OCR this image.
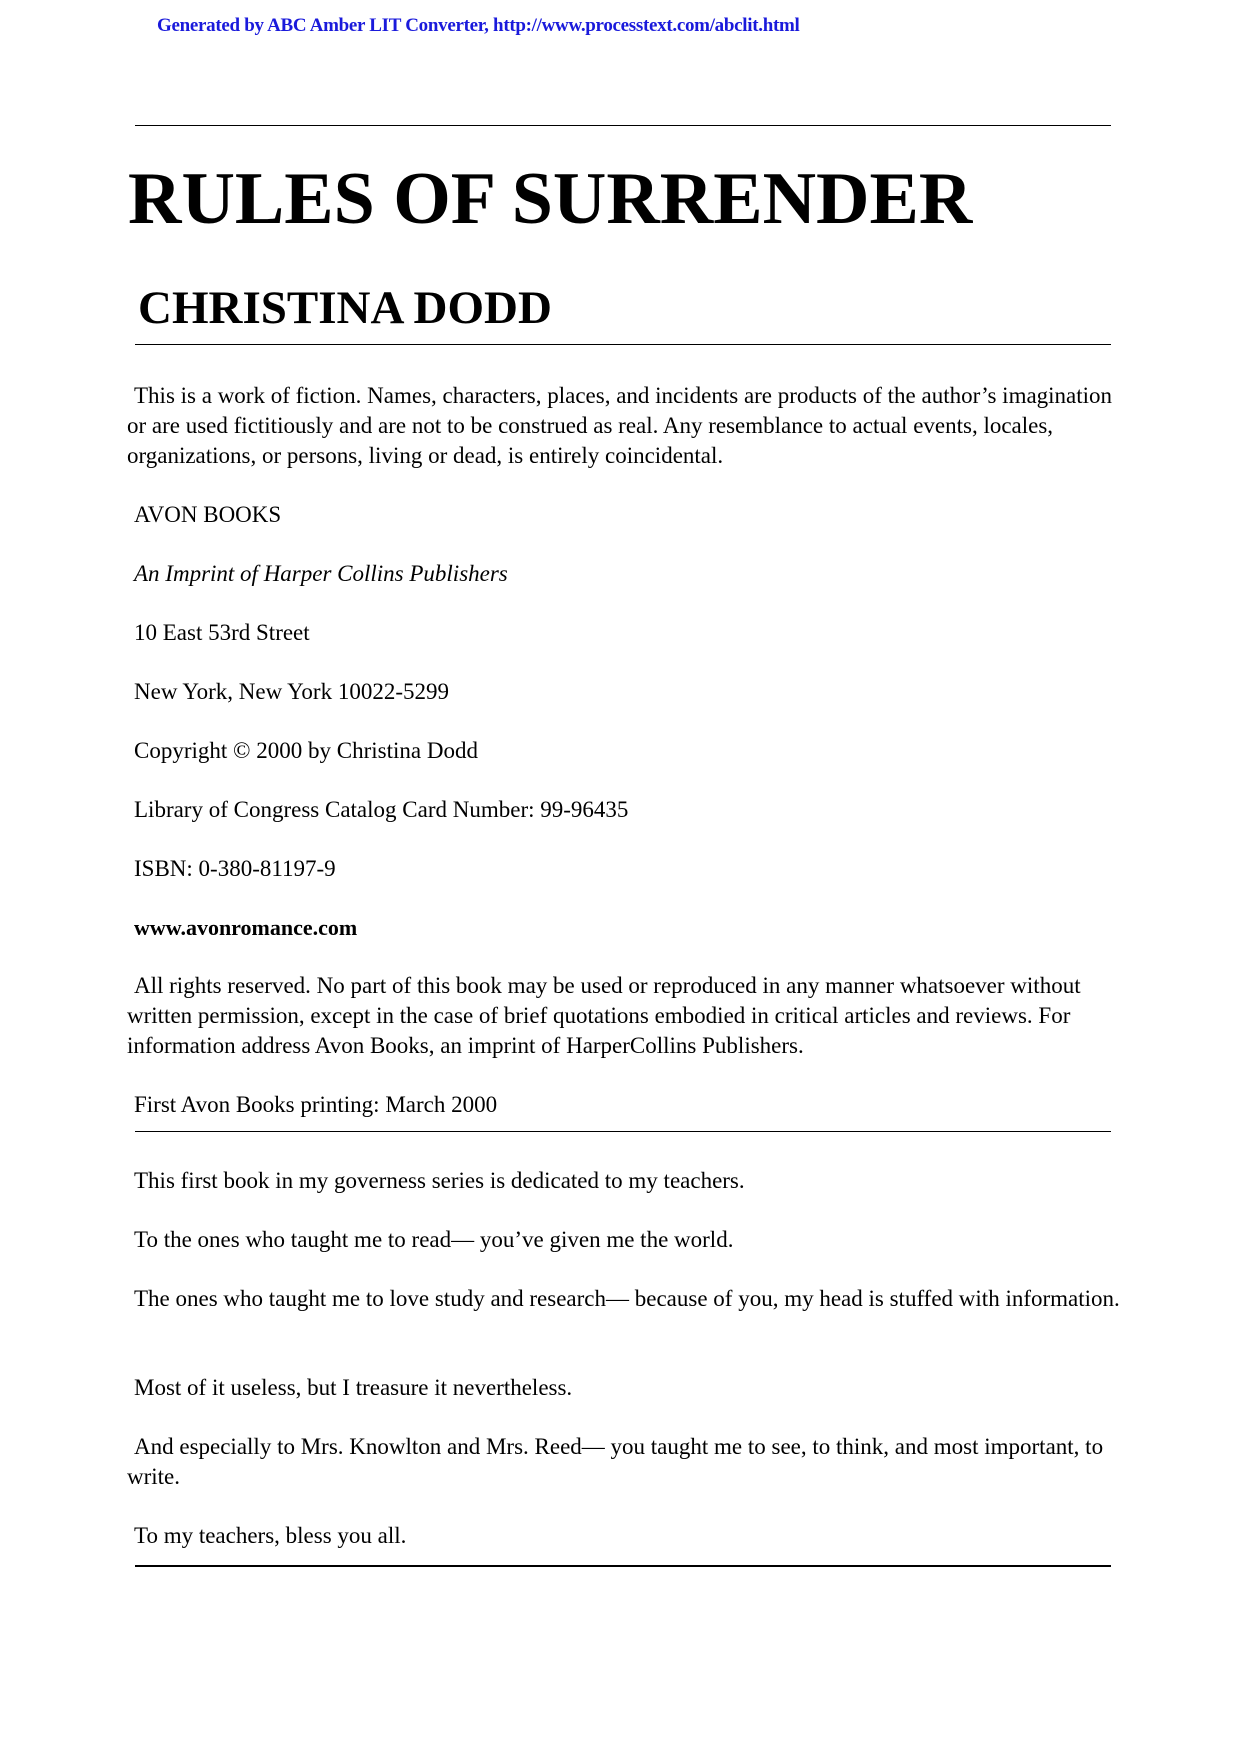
Generated by ABC Amber LIT Converter, http://www.processtext.com/abclit.html
RULES OF SURRENDER
CHRISTINA DODD

This is a work of fiction. Names, characters, places, and incidents are products of the author’s imagination or are used fictitiously and are not to be construed as real. Any resemblance to actual events, locales, organizations, or persons, living or dead, is entirely coincidental.

AVON BOOKS

An Imprint of Harper Collins Publishers

10 East 53rd Street

New York, New York 10022-5299

Copyright © 2000 by Christina Dodd

Library of Congress Catalog Card Number: 99-96435

ISBN: 0-380-81197-9

www.avonromance.com

All rights reserved. No part of this book may be used or reproduced in any manner whatsoever without written permission, except in the case of brief quotations embodied in critical articles and reviews. For information address Avon Books, an imprint of HarperCollins Publishers.

First Avon Books printing: March 2000

This first book in my governess series is dedicated to my teachers.

To the ones who taught me to read— you’ve given me the world.

The ones who taught me to love study and research— because of you, my head is stuffed with information.

Most of it useless, but I treasure it nevertheless.

And especially to Mrs. Knowlton and Mrs. Reed— you taught me to see, to think, and most important, to write.

To my teachers, bless you all.
